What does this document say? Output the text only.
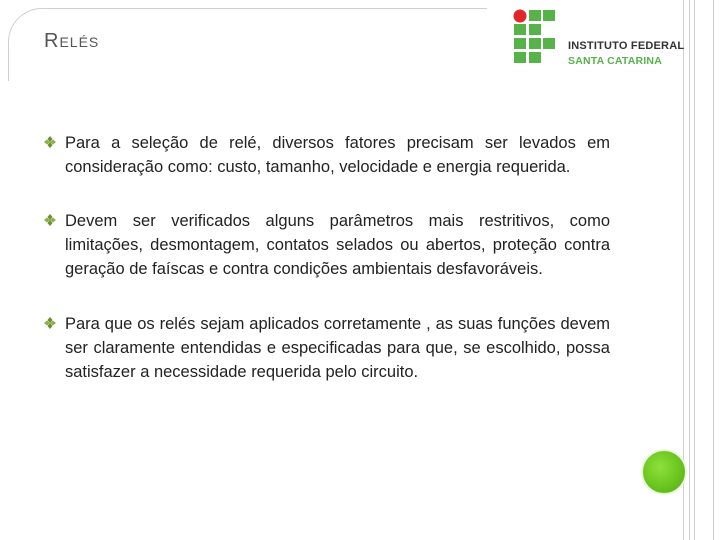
Relés	INSTITUTO FEDERAL
SANTA CATARINA
Para a seleção de relé, diversos fatores precisam ser levados em consideração como: custo, tamanho, velocidade e energia requerida.
Devem ser verificados alguns parâmetros mais restritivos, como limitações, desmontagem, contatos selados ou abertos, proteção contra geração de faíscas e contra condições ambientais desfavoráveis.
Para que os relés sejam aplicados corretamente , as suas funções devem ser claramente entendidas e especificadas para que, se escolhido, possa satisfazer a necessidade requerida pelo circuito.
